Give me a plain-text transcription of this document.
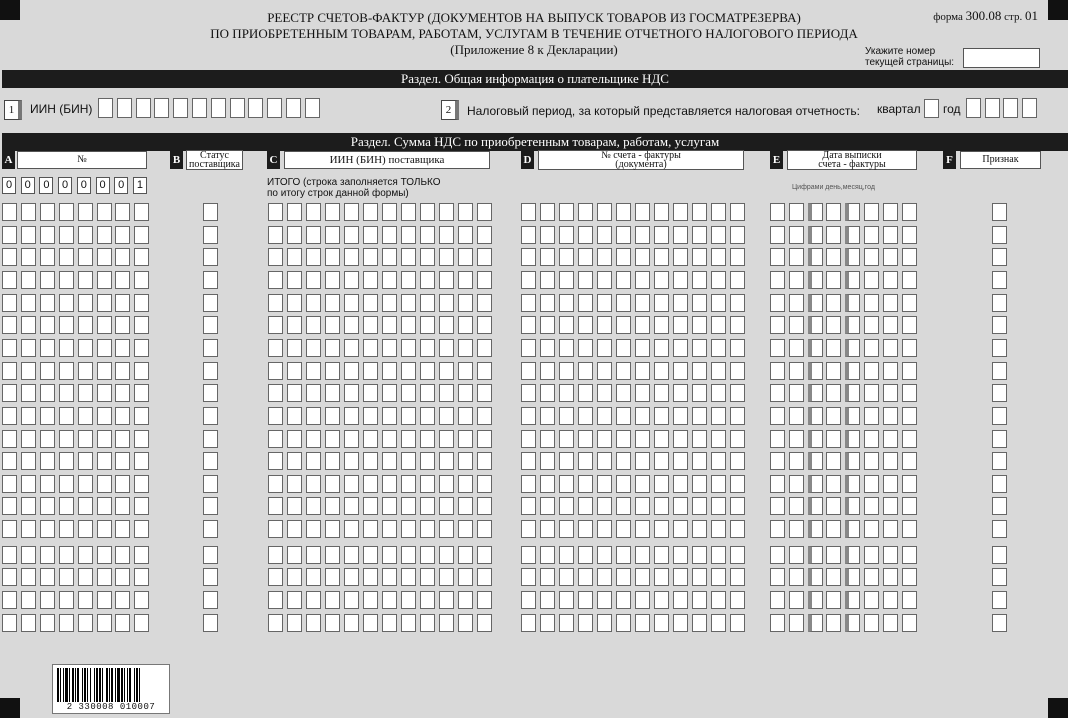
РЕЕСТР СЧЕТОВ-ФАКТУР (ДОКУМЕНТОВ НА ВЫПУСК ТОВАРОВ ИЗ ГОСМАТРЕЗЕРВА)
ПО ПРИОБРЕТЕННЫМ ТОВАРАМ, РАБОТАМ, УСЛУГАМ В ТЕЧЕНИЕ ОТЧЕТНОГО НАЛОГОВОГО ПЕРИОДА
(Приложение 8 к Декларации)
форма 300.08 стр. 01
Укажите номер
текущей страницы:
Раздел. Общая информация о плательщике НДС
1	ИИН (БИН)	2	Налоговый период, за который представляется налоговая отчетность: квартал год
Раздел. Сумма НДС по приобретенным товарам, работам, услугам
A	№	B Статус
поставщика	C	ИИН (БИН) поставщика	D	№ счета - фактуры
(документа)	E	Дата выписки
счета - фактуры	F	Признак
0	0	0	0	0	0	0	1	ИТОГО (строка заполняется ТОЛЬКО
по итогу строк данной формы)
Цифрами день,месяц,год
2 330008 010007
